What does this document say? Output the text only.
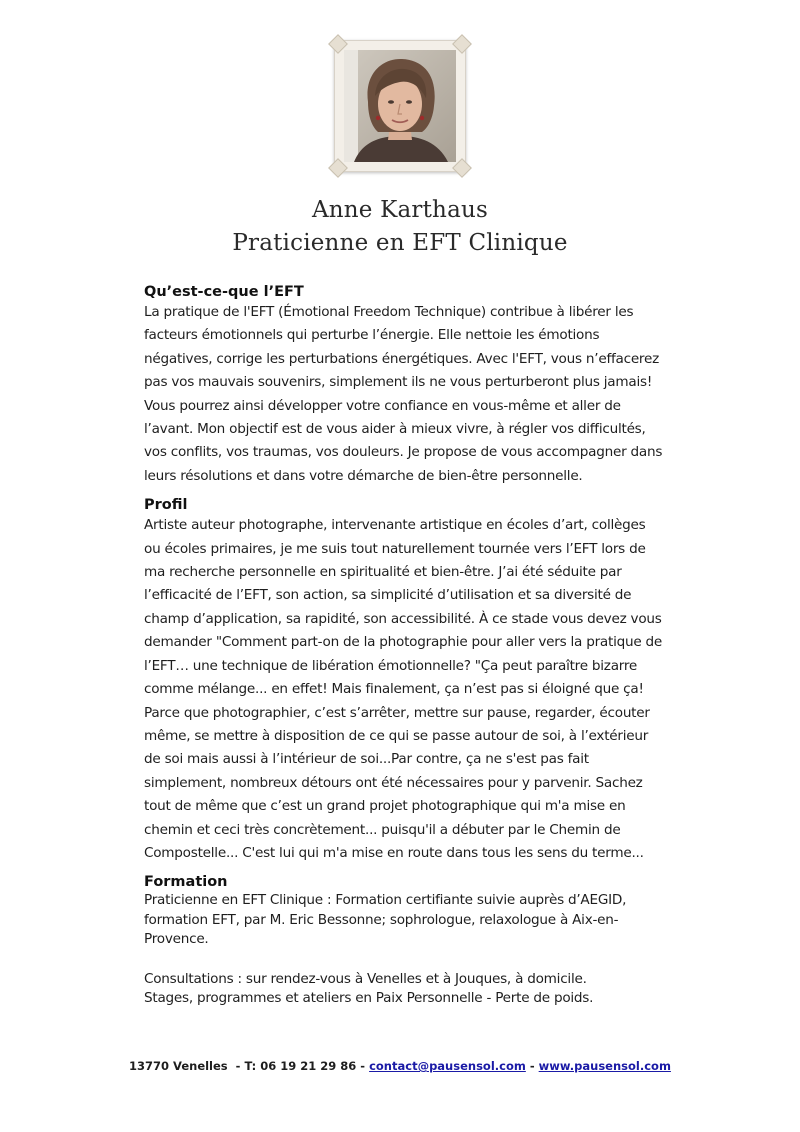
Anne Karthaus
Praticienne en EFT Clinique

Qu’est-ce-que l’EFT

La pratique de l'EFT (Émotional Freedom Technique) contribue à libérer les facteurs émotionnels qui perturbe l’énergie. Elle nettoie les émotions négatives, corrige les perturbations énergétiques. Avec l'EFT, vous n’effacerez pas vos mauvais souvenirs, simplement ils ne vous perturberont plus jamais! Vous pourrez ainsi développer votre confiance en vous-même et aller de l’avant. Mon objectif est de vous aider à mieux vivre, à régler vos difficultés, vos conflits, vos traumas, vos douleurs. Je propose de vous accompagner dans leurs résolutions et dans votre démarche de bien-être personnelle.

Profil

Artiste auteur photographe, intervenante artistique en écoles d’art, collèges ou écoles primaires, je me suis tout naturellement tournée vers l’EFT lors de ma recherche personnelle en spiritualité et bien-être. J’ai été séduite par l’efficacité de l’EFT, son action, sa simplicité d’utilisation et sa diversité de champ d’application, sa rapidité, son accessibilité. À ce stade vous devez vous demander "Comment part-on de la photographie pour aller vers la pratique de l’EFT… une technique de libération émotionnelle? "Ça peut paraître bizarre comme mélange... en effet! Mais finalement, ça n’est pas si éloigné que ça! Parce que photographier, c’est s’arrêter, mettre sur pause, regarder, écouter même, se mettre à disposition de ce qui se passe autour de soi, à l’extérieur de soi mais aussi à l’intérieur de soi...Par contre, ça ne s'est pas fait simplement, nombreux détours ont été nécessaires pour y parvenir. Sachez tout de même que c’est un grand projet photographique qui m'a mise en chemin et ceci très concrètement... puisqu'il a débuter par le Chemin de Compostelle... C'est lui qui m'a mise en route dans tous les sens du terme...

Formation

Praticienne en EFT Clinique : Formation certifiante suivie auprès d’AEGID, formation EFT, par M. Eric Bessonne; sophrologue, relaxologue à Aix-en-Provence.

Consultations : sur rendez-vous à Venelles et à Jouques, à domicile.

Stages, programmes et ateliers en Paix Personnelle - Perte de poids.

13770 Venelles - T: 06 19 21 29 86 - contact@pausensol.com - www.pausensol.com
